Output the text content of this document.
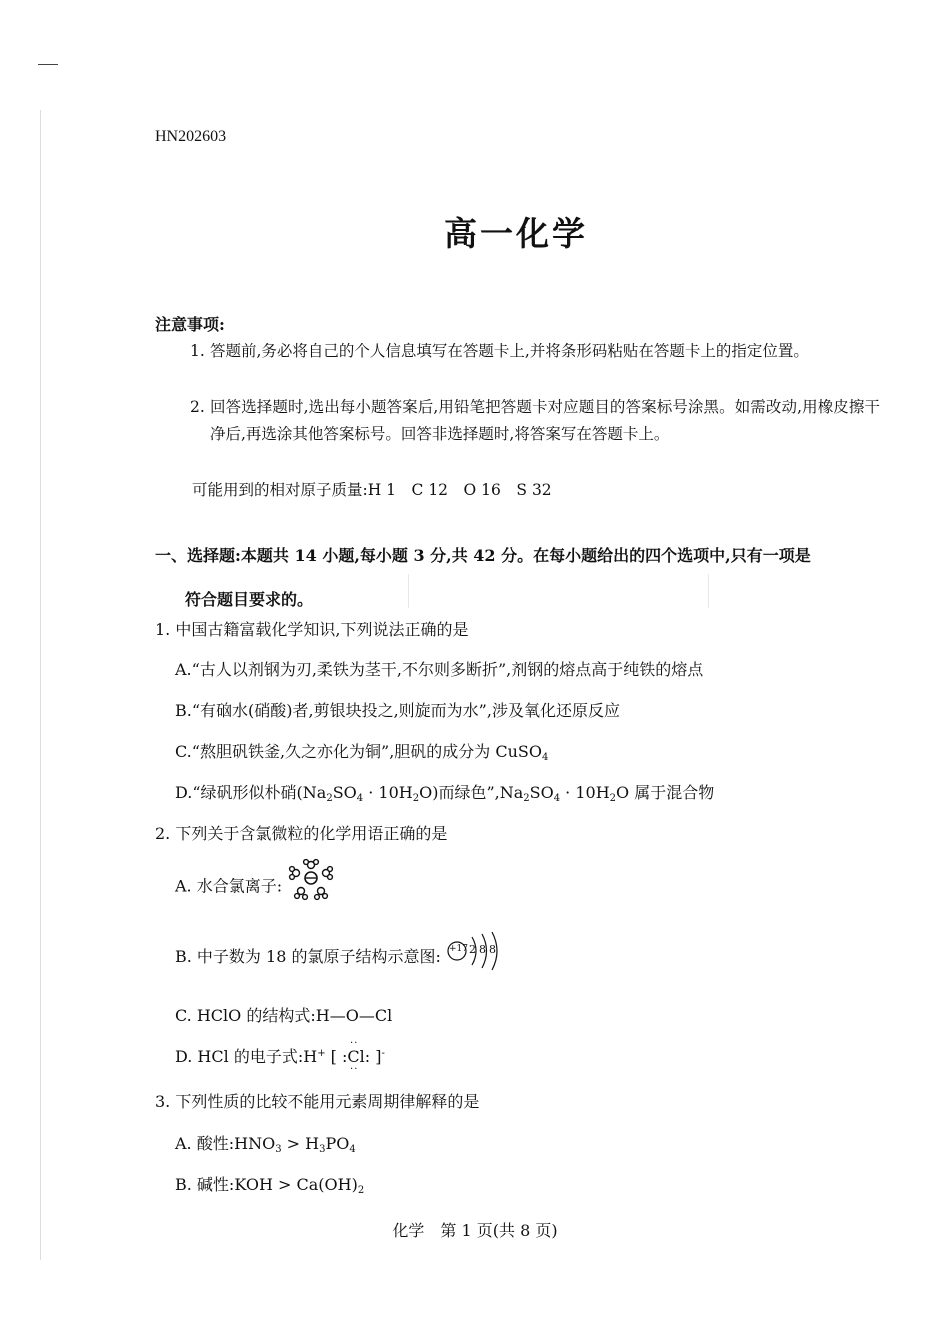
HN202603
高一化学
注意事项:
1. 答题前,务必将自己的个人信息填写在答题卡上,并将条形码粘贴在答题卡上的指定位置。
2. 回答选择题时,选出每小题答案后,用铅笔把答题卡对应题目的答案标号涂黑。如需改动,用橡皮擦干净后,再选涂其他答案标号。回答非选择题时,将答案写在答题卡上。
可能用到的相对原子质量:H 1　C 12　O 16　S 32
一、选择题:本题共 14 小题,每小题 3 分,共 42 分。在每小题给出的四个选项中,只有一项是
符合题目要求的。
1. 中国古籍富载化学知识,下列说法正确的是
A.“古人以剂钢为刃,柔铁为茎干,不尔则多断折”,剂钢的熔点高于纯铁的熔点
B.“有硇水(硝酸)者,剪银块投之,则旋而为水”,涉及氧化还原反应
C.“熬胆矾铁釜,久之亦化为铜”,胆矾的成分为 CuSO$_4$
D.“绿矾形似朴硝$(Na_2SO_4 \cdot 10H_2O)$而绿色$”,Na_2SO_4 \cdot 10H_2O$ 属于混合物
2. 下列关于含氯微粒的化学用语正确的是
A. 水合氯离子:
B. 中子数为 18 的氯原子结构示意图: +17 2 8 8
C. HClO 的结构式:H—O—Cl
D. HCl 的电子式:H+ [
··
:Cl:
··
]-
3. 下列性质的比较不能用元素周期律解释的是
A. 酸性$:HNO_3 > H_3PO_4$
B. 碱性:KOH > $Ca(OH)_2$
化学　第 1 页(共 8 页)
